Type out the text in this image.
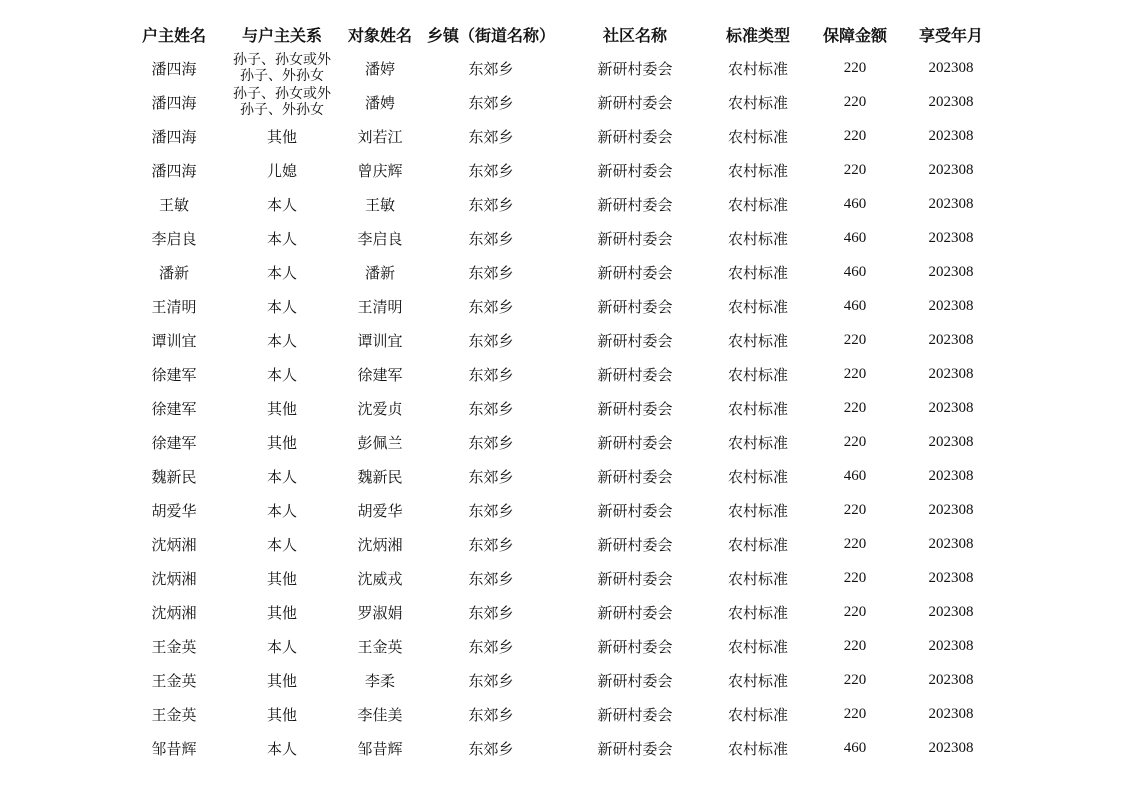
户主姓名	与户主关系	对象姓名	乡镇（街道名称）	社区名称	标准类型	保障金额	享受年月
潘四海	孙子、孙女或外孙子、外孙女	潘婷	东郊乡	新研村委会	农村标准	220	202308
潘四海	孙子、孙女或外孙子、外孙女	潘娉	东郊乡	新研村委会	农村标准	220	202308
潘四海	其他	刘若江	东郊乡	新研村委会	农村标准	220	202308
潘四海	儿媳	曾庆辉	东郊乡	新研村委会	农村标准	220	202308
王敏	本人	王敏	东郊乡	新研村委会	农村标准	460	202308
李启良	本人	李启良	东郊乡	新研村委会	农村标准	460	202308
潘新	本人	潘新	东郊乡	新研村委会	农村标准	460	202308
王清明	本人	王清明	东郊乡	新研村委会	农村标准	460	202308
谭训宜	本人	谭训宜	东郊乡	新研村委会	农村标准	220	202308
徐建军	本人	徐建军	东郊乡	新研村委会	农村标准	220	202308
徐建军	其他	沈爱贞	东郊乡	新研村委会	农村标准	220	202308
徐建军	其他	彭佩兰	东郊乡	新研村委会	农村标准	220	202308
魏新民	本人	魏新民	东郊乡	新研村委会	农村标准	460	202308
胡爱华	本人	胡爱华	东郊乡	新研村委会	农村标准	220	202308
沈炳湘	本人	沈炳湘	东郊乡	新研村委会	农村标准	220	202308
沈炳湘	其他	沈威戎	东郊乡	新研村委会	农村标准	220	202308
沈炳湘	其他	罗淑娟	东郊乡	新研村委会	农村标准	220	202308
王金英	本人	王金英	东郊乡	新研村委会	农村标准	220	202308
王金英	其他	李柔	东郊乡	新研村委会	农村标准	220	202308
王金英	其他	李佳美	东郊乡	新研村委会	农村标准	220	202308
邹昔辉	本人	邹昔辉	东郊乡	新研村委会	农村标准	460	202308
